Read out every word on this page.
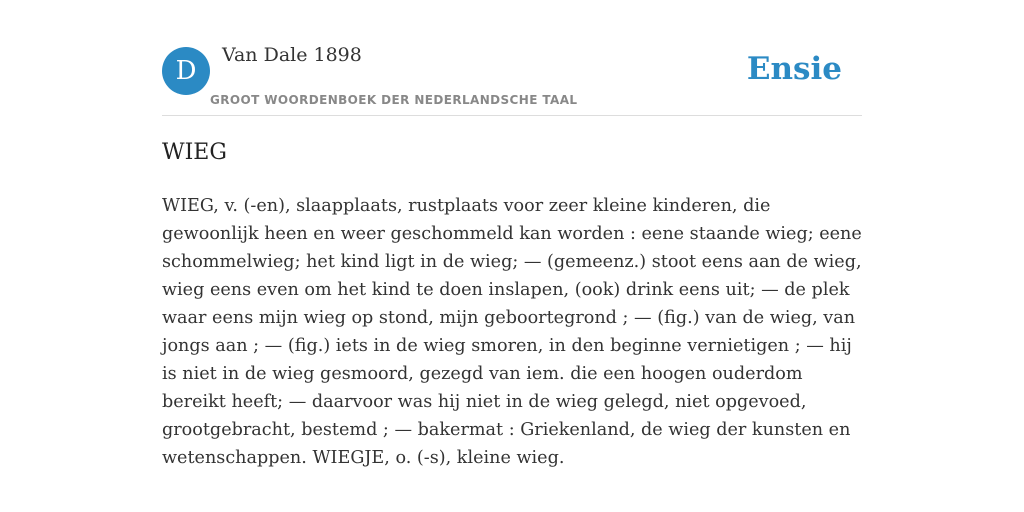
D
Van Dale 1898
GROOT WOORDENBOEK DER NEDERLANDSCHE TAAL
Ensie
WIEG

WIEG, v. (-en), slaapplaats, rustplaats voor zeer kleine kinderen, die gewoonlijk heen en weer geschommeld kan worden : eene staande wieg; eene schommelwieg; het kind ligt in de wieg; — (gemeenz.) stoot eens aan de wieg, wieg eens even om het kind te doen inslapen, (ook) drink eens uit; — de plek waar eens mijn wieg op stond, mijn geboortegrond ; — (fig.) van de wieg, van jongs aan ; — (fig.) iets in de wieg smoren, in den beginne vernietigen ; — hij is niet in de wieg gesmoord, gezegd van iem. die een hoogen ouderdom bereikt heeft; — daarvoor was hij niet in de wieg gelegd, niet opgevoed, grootgebracht, bestemd ; — bakermat : Griekenland, de wieg der kunsten en wetenschappen. WIEGJE, o. (-s), kleine wieg.
